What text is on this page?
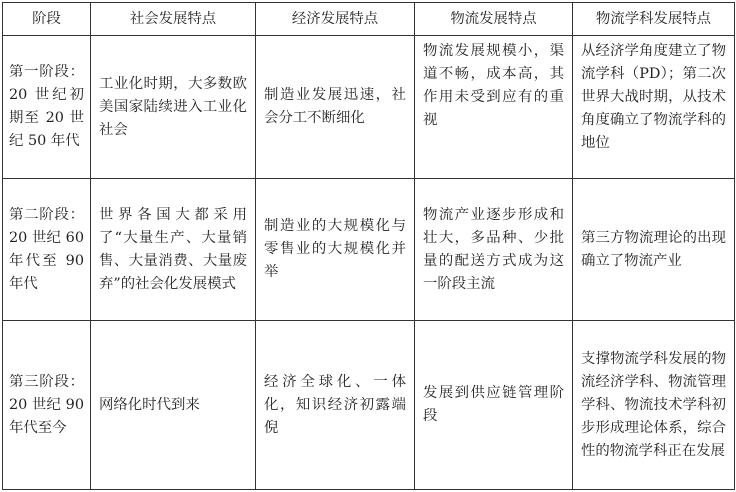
阶段	社会发展特点	经济发展特点	物流发展特点	物流学科发展特点
第一阶段：20 世纪初期至 20 世纪 50 年代	工业化时期，大多数欧美国家陆续进入工业化社会	制造业发展迅速，社会分工不断细化	物流发展规模小，渠道不畅，成本高，其作用未受到应有的重视	从经济学角度建立了物流学科（PD）；第二次世界大战时期，从技术角度确立了物流学科的地位
第二阶段：20 世纪 60 年代至 90 年代	世界各国大都采用了“大量生产、大量销售、大量消费、大量废弃”的社会化发展模式	制造业的大规模化与零售业的大规模化并举	物流产业逐步形成和壮大，多品种、少批量的配送方式成为这一阶段主流	第三方物流理论的出现确立了物流产业
第三阶段：20 世纪 90 年代至今	网络化时代到来	经济全球化、一体化，知识经济初露端倪	发展到供应链管理阶段	支撑物流学科发展的物流经济学科、物流管理学科、物流技术学科初步形成理论体系，综合性的物流学科正在发展
